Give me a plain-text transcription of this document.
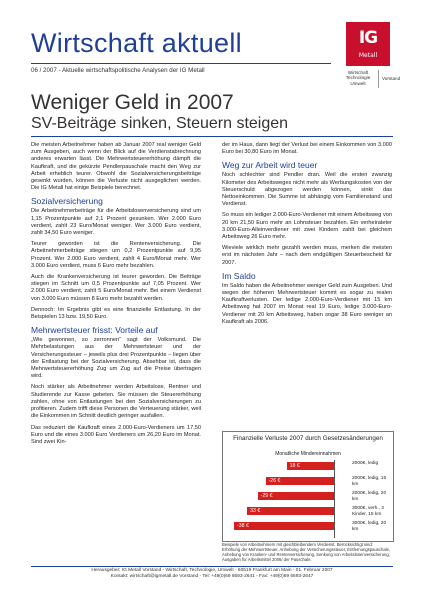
Wirtschaft aktuell
06 / 2007 - Aktuelle wirtschaftspolitische Analysen der IG Metall
IG
Metall
Wirtschaft Technologie Umwelt
Vorstand
Weniger Geld in 2007
SV-Beiträge sinken, Steuern steigen

Die meisten Arbeitnehmer haben ab Januar 2007 real weniger Geld zum Ausgeben, auch wenn der Blick auf die Verdienstabrechnung anderes erwarten lässt. Die Mehrwertsteuererhöhung dämpft die Kaufkraft, und die gekürzte Pendlerpauschale macht den Weg zur Arbeit erheblich teurer. Obwohl die Sozialversicherungsbeiträge gesenkt wurden, können die Verluste nicht ausgeglichen werden. Die IG Metall hat einige Beispiele berechnet.

Sozialversicherung

Die Arbeitnehmerbeiträge für die Arbeitslosenversicherung sind um 1,15 Prozentpunkte auf 2,1 Prozent gesunken. Wer 2.000 Euro verdient, zahlt 23 Euro/Monat weniger. Wer 3.000 Euro verdient, zahlt 34,50 Euro weniger.

Teurer geworden ist die Rentenversicherung. Die Arbeitnehmerbeiträge stiegen um 0,2 Prozentpunkte auf 9,95 Prozent. Wer 2.000 Euro verdient, zahlt 4 Euro/Monat mehr. Wer 3.000 Euro verdient, muss 6 Euro mehr bezahlen.

Auch die Krankenversicherung ist teurer geworden. Die Beiträge stiegen im Schnitt um 0,5 Prozentpunkte auf 7,05 Prozent. Wer 2.000 Euro verdient, zahlt 5 Euro/Monat mehr. Bei einem Verdienst von 3.000 Euro müssen 8 Euro mehr bezahlt werden.

Dennoch: Im Ergebnis gibt es eine finanzielle Entlastung. In der Beispielen 13 bzw. 19,50 Euro.

Mehrwertsteuer frisst: Vorteile auf

„Wie gewonnen, so zerronnen“ sagt der Volksmund. Die Mehrbelastungen aus der Mehrwertsteuer und der Versicherungssteuer – jeweils plus drei Prozentpunkte – liegen über der Entlastung bei der Sozialversicherung. Absehbar ist, dass die Mehrwertsteuererhöhung Zug um Zug auf die Preise übertragen wird.

Noch stärker als Arbeitnehmer werden Arbeitslose, Rentner und Studierende zur Kasse gebeten. Sie müssen die Steuererhöhung zahlen, ohne von Entlastungen bei den Sozialversicherungen zu profitieren. Zudem trifft diese Personen die Verteuerung stärker, weil die Einkommen im Schnitt deutlich geringer ausfallen.

Das reduziert die Kaufkraft eines 2.000-Euro-Verdieners um 17,50 Euro und die eines 3.000 Euro Verdieners um 26,20 Euro im Monat. Sind zwei Kin-

der im Haus, dann liegt der Verlust bei einem Einkommen von 3.000 Euro bei 30,80 Euro im Monat.

Weg zur Arbeit wird teuer

Noch schlechter sind Pendler dran. Weil die ersten zwanzig Kilometer des Arbeitsweges nicht mehr als Werbungskosten von der Steuerschuld abgezogen werden können, sinkt das Nettoeinkommen. Die Summe ist abhängig vom Familienstand und Verdienst.

So muss ein lediger 2.000-Euro-Verdiener mit einem Arbeitsweg von 20 km 21,50 Euro mehr an Lohnsteuer bezahlen. Ein verheirateter 3.000-Euro-Alleinverdiener mit zwei Kindern zahlt bei gleichem Arbeitsweg 26 Euro mehr.

Wieviele wirklich mehr gezahlt werden muss, merken die meisten erst im nächsten Jahr – nach dem endgültigen Steuerbescheid für 2007.

Im Saldo

Im Saldo haben die Arbeitnehmer weniger Geld zum Ausgeben. Und wegen der höheren Mehrwertsteuer kommt es sogar zu realen Kaufkraftverlusten. Der ledige 2.000-Euro-Verdiener mit 15 km Arbeitsweg hat 2007 im Monat real 19 Euro, ledige 3.000-Euro-Verdiener mit 20 km Arbeitsweg, haben sogar 38 Euro weniger an Kaufkraft als 2006.

Finanzielle Verluste 2007 durch Gesetzesänderungen
Monatliche Mindereinnahmen
18 €	2000€, ledig
-26 €	2000€, ledig, 15 km
-29 €	2000€, ledig, 20 km
33 €	3000€, verh., 2 Kinder, 15 km
-38 €	3000€, ledig, 20 km
Beispiele von Arbeitnehmern mit gleichbleibendem Verdienst. Berücksichtigt sind: Erhöhung der Mehrwertsteuer, Anhebung der Versicherungssteuer, Entfernungspauschale, Anhebung von Kranken- und Rentenversicherung, Senkung von Arbeitslosenversicherung, Ausgaben für Arbeitsmittel 2006/ der Pauschale.
Herausgeber: IG Metall Vorstand - Wirtschaft, Technologie, Umwelt - 60519 Frankfurt am Main - 01. Februar 2007
Kontakt: wirtschaft@igmetall.de Vorstand - Tel: +49(0)69 6693-2641 - Fax: +49(0)69 6693-2647
